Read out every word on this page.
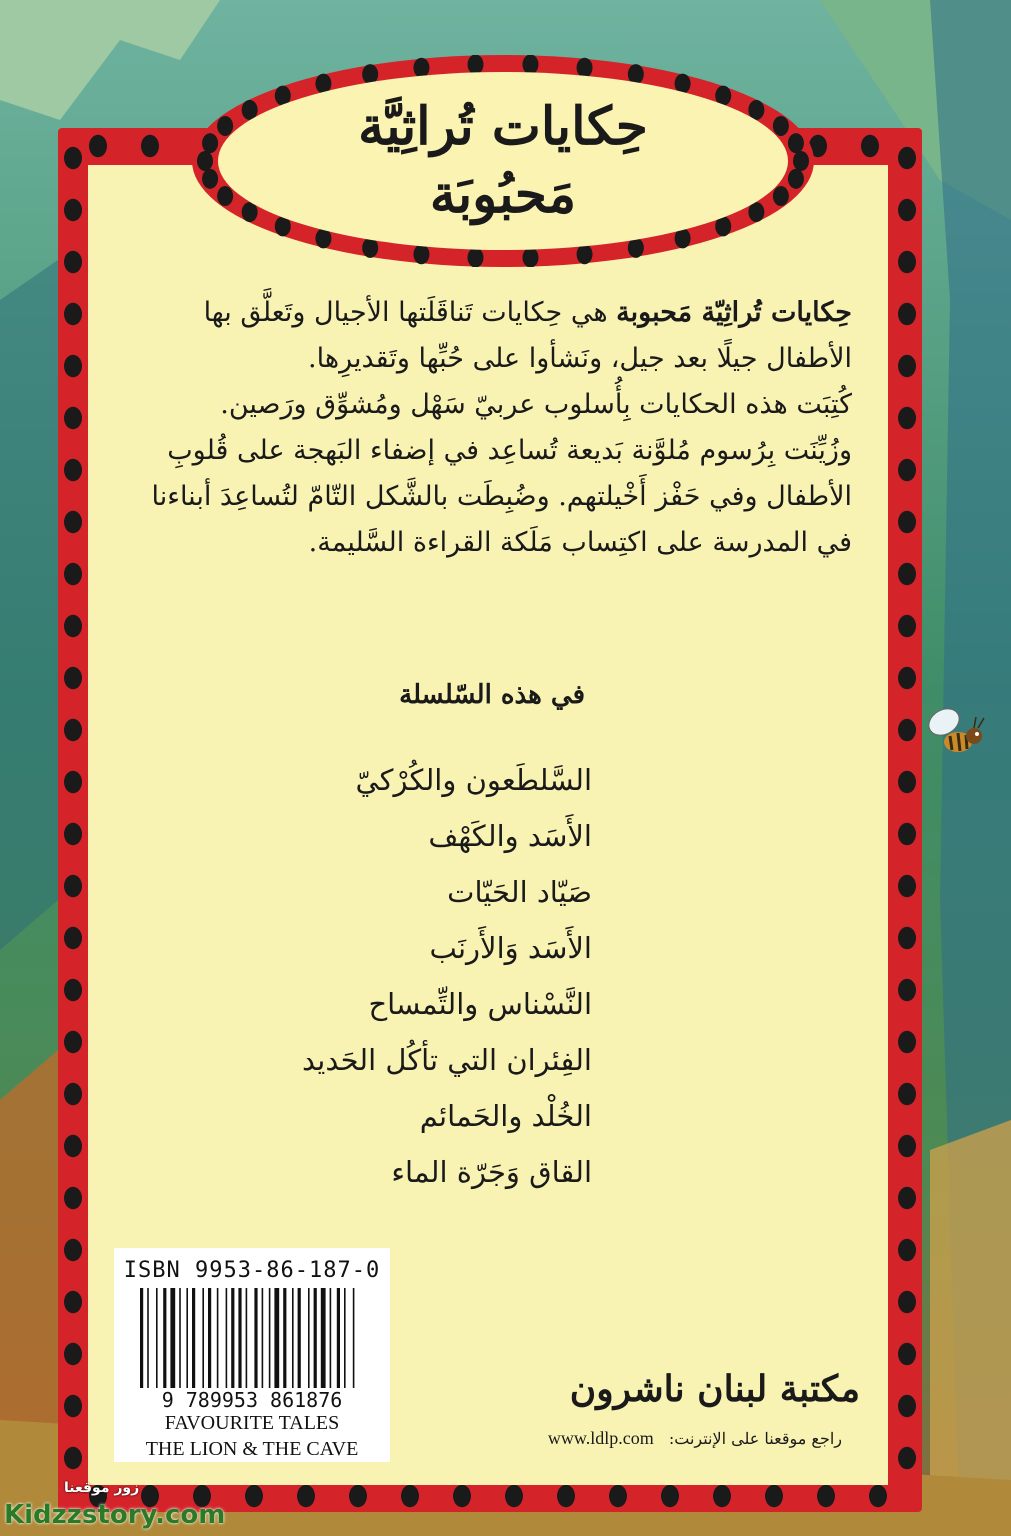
حِكايات تُراثِيَّة
مَحبُوبَة

حِكايات تُراثِيّة مَحبوبة هي حِكايات تَناقَلَتها الأجيال وتَعلَّق بها الأطفال جيلًا بعد جيل، ونَشأوا على حُبِّها وتَقديرِها.

كُتِبَت هذه الحكايات بِأُسلوب عربيّ سَهْل ومُشوِّق ورَصين.

وزُيِّنَت بِرُسوم مُلوَّنة بَديعة تُساعِد في إضفاء البَهجة على قُلوبِ الأطفال وفي حَفْز أَخْيلتهم. وضُبِطَت بالشَّكل التّامّ لتُساعِدَ أبناءنا في المدرسة على اكتِساب مَلَكة القراءة السَّليمة.

في هذه السّلسلة
السَّلطَعون والكُرْكيّ
الأَسَد والكَهْف
صَيّاد الحَيّات
الأَسَد وَالأَرنَب
النَّسْناس والتِّمساح
الفِئران التي تأكُل الحَديد
الخُلْد والحَمائم
القاق وَجَرّة الماء
ISBN 9953-86-187-0
9 789953 861876
FAVOURITE TALES
THE LION & THE CAVE
مكتبة لبنان ناشرون
راجع موقعنا على الإنترنت: www.ldlp.com
زور موقعنا
Kidzzstory.com
